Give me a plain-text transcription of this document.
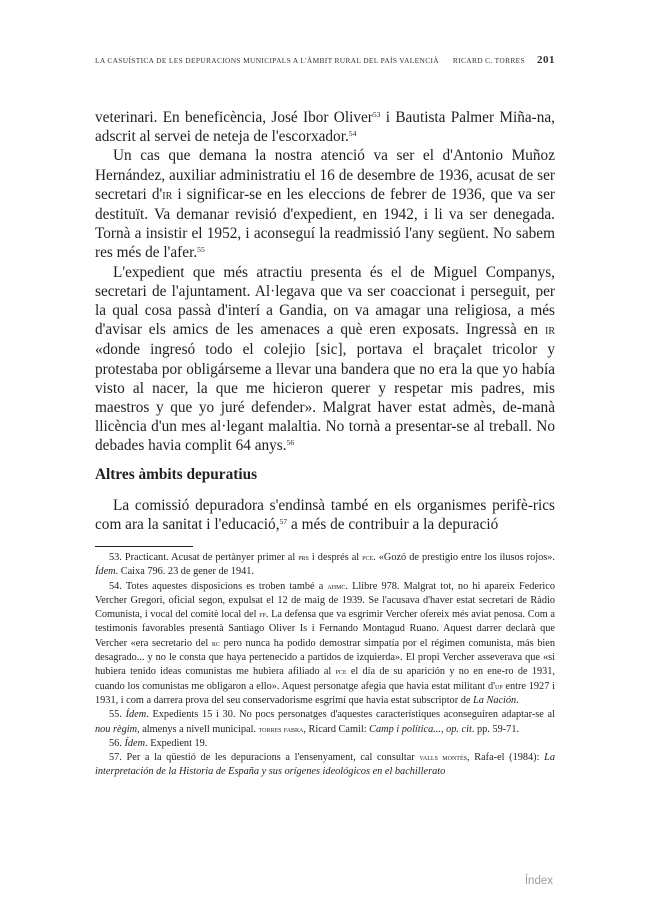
LA CASUÍSTICA DE LES DEPURACIONS MUNICIPALS A L'ÀMBIT RURAL DEL PAÍS VALENCIÀ RICARD C. TORRES 201

veterinari. En beneficència, José Ibor Oliver$^{53}$ i Bautista Palmer Miña-na, adscrit al servei de neteja de l'escorxador.$^{54}$

Un cas que demana la nostra atenció va ser el d'Antonio Muñoz Hernández, auxiliar administratiu el 16 de desembre de 1936, acusat de ser secretari d'ir i significar-se en les eleccions de febrer de 1936, que va ser destituït. Va demanar revisió d'expedient, en 1942, i li va ser denegada. Tornà a insistir el 1952, i aconseguí la readmissió l'any següent. No sabem res més de l'afer.$^{55}$

L'expedient que més atractiu presenta és el de Miguel Companys, secretari de l'ajuntament. Al·legava que va ser coaccionat i perseguit, per la qual cosa passà d'interí a Gandia, on va amagar una religiosa, a més d'avisar els amics de les amenaces a què eren exposats. Ingressà en ir «donde ingresó todo el colejio [sic], portava el braçalet tricolor y protestaba por obligárseme a llevar una bandera que no era la que yo había visto al nacer, la que me hicieron querer y respetar mis padres, mis maestros y que yo juré defender». Malgrat haver estat admès, de-manà llicència d'un mes al·legant malaltia. No tornà a presentar-se al treball. No debades havia complit 64 anys.$^{56}$

Altres àmbits depuratius

La comissió depuradora s'endinsà també en els organismes perifè-rics com ara la sanitat i l'educació,$^{57}$ a més de contribuir a la depuració

53. Practicant. Acusat de pertànyer primer al prs i després al pce. «Gozó de prestigio entre los ilusos rojos». Ídem. Caixa 796. 23 de gener de 1941.

54. Totes aquestes disposicions es troben també a ahmc. Llibre 978. Malgrat tot, no hi apareix Federico Vercher Gregori, oficial segon, expulsat el 12 de maig de 1939. Se l'acusava d'haver estat secretari de Ràdio Comunista, i vocal del comitè local del fp. La defensa que va esgrimir Vercher ofereix més aviat penosa. Com a testimonis favorables presentà Santiago Oliver Is i Fernando Montagud Ruano. Aquest darrer declarà que Vercher «era secretario del rc pero nunca ha podido demostrar simpatía por el régimen comunista, más bien desagrado... y no le consta que haya pertenecido a partidos de izquierda». El propi Vercher asseverava que «si hubiera tenido ideas comunistas me hubiera afiliado al pce el día de su aparición y no en ene-ro de 1931, cuando los comunistas me obligaron a ello». Aquest personatge afegia que havia estat militant d'up entre 1927 i 1931, i com a darrera prova del seu conservadorisme esgrimí que havia estat subscriptor de La Nación.

55. Ídem. Expedients 15 i 30. No pocs personatges d'aquestes característiques aconseguiren adaptar-se al nou règim, almenys a nivell municipal. torres fabra, Ricard Camil: Camp i política..., op. cit. pp. 59-71.

56. Ídem. Expedient 19.

57. Per a la qüestió de les depuracions a l'ensenyament, cal consultar valls montés, Rafa-el (1984): La interpretación de la Historia de España y sus orígenes ideológicos en el bachillerato

Índex
